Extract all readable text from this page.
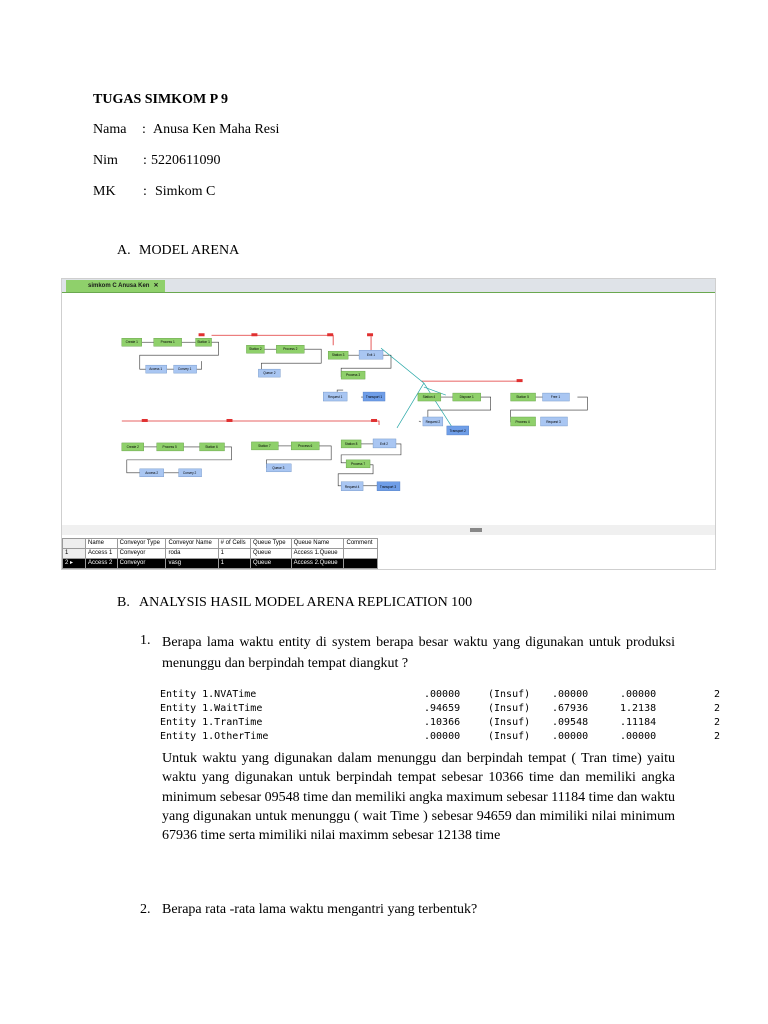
TUGAS SIMKOM P 9
Nama	: Anusa Ken Maha Resi
Nim : 5220611090
MK : Simkom C
A. MODEL ARENA
simkom C Anusa Ken ✕
Create 1	Process 1	Station 1
Access 1	Convey 1
Station 2	Process 2
Queue 2
Station 3	Exit 1
Process 3
Request 1	Transport 1	Station 4	Dispose 1
Request 2
Transport 2
Station 5	Free 1
Process 4	Request 3
Create 2	Process 5	Station 6
Access 2	Convey 2
Station 7	Process 6
Queue 3
Station 8	Exit 2
Process 7
Request 4	Transport 3
	Name	Conveyor Type	Conveyor Name	# of Cells	Queue Type	Queue Name	Comment
1	Access 1	Conveyor	roda	1	Queue	Access 1.Queue	
2 ▸	Access 2	Conveyor	vasg	1	Queue	Access 2.Queue	
B. ANALYSIS HASIL MODEL ARENA REPLICATION 100
1. Berapa lama waktu entity di system berapa besar waktu yang digunakan untuk produksi menunggu dan berpindah tempat diangkut ?
Entity 1.NVATime	.00000	(Insuf) .00000	.00000	2
Entity 1.WaitTime	.94659	(Insuf) .67936	1.2138	2
Entity 1.TranTime	.10366	(Insuf) .09548	.11184	2
Entity 1.OtherTime	.00000	(Insuf) .00000	.00000	2
Untuk waktu yang digunakan dalam menunggu dan berpindah tempat ( Tran time) yaitu waktu yang digunakan untuk berpindah tempat sebesar 10366 time dan memiliki angka minimum sebesar 09548 time dan memiliki angka maximum sebesar 11184 time dan waktu yang digunakan untuk menunggu ( wait Time ) sebesar 94659 dan mimiliki nilai minimum 67936 time serta mimiliki nilai maximm sebesar 12138 time
2. Berapa rata -rata lama waktu mengantri yang terbentuk?
